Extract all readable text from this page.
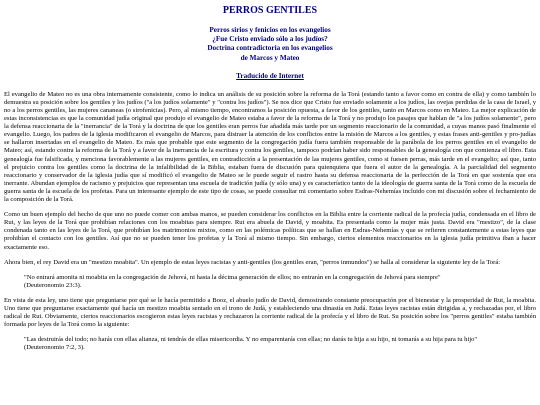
PERROS GENTILES
Perros sirios y fenicios en los evangelios
¿Fue Cristo enviado sólo a los judíos?
Doctrina contradictoria en los evangelios
de Marcos y Mateo
Traducido de Internet

El evangelio de Mateo no es una obra internamente consistente, como lo indica un análisis de su posición sobre la reforma de la Torá (estando tanto a favor como en contra de ella) y como también lo demuestra su posición sobre los gentiles y los judíos ("a los judíos solamente" y "contra los judíos"). Se nos dice que Cristo fue enviado solamente a los judíos, las ovejas perdidas de la casa de Israel, y no a los perros gentiles, las mujeres cananeas (o sirofenicias). Pero, al mismo tiempo, encontramos la posición opuesta, a favor de los gentiles, tanto en Marcos como en Mateo. La mejor explicación de estas inconsistencias es que la comunidad judía original que produjo el evangelio de Mateo estaba a favor de la reforma de la Torá y no produjo los pasajes que hablan de "a los judíos solamente", pero la defensa reaccionaria de la "inerrancia" de la Torá y la doctrina de que los gentiles eran perros fue añadida más tarde por un segmento reaccionario de la comunidad, a cuyas manos pasó finalmente el evangelio. Luego, los padres de la iglesia modificaron el evangelio de Marcos, para distraer la atención de los conflictos entre la misión de Marcos a los gentiles, y estas frases anti-gentiles y pro-judías se hallaron insertadas en el evangelio de Mateo. Es más que probable que este segmento de la congregación judía fuera también responsable de la parábola de los perros gentiles en el evangelio de Mateo; así, estando contra la reforma de la Torá y a favor de la inerrancia de la escritura y contra los gentiles, tampoco podrían haber sido responsables de la genealogía con que comienza el libro. Esta genealogía fue falsificada, y menciona favorablemente a las mujeres gentiles, en contradicción a la presentación de las mujeres gentiles, como si fuesen perras, más tarde en el evangelio; así que, tanto el prejuicio contra los gentiles como la doctrina de la infalibilidad de la Biblia, estaban fuera de discusión para quienquiera que fuera el autor de la genealogía. A la parcialidad del segmento reaccionario y conservador de la iglesia judía que sí modificó el evangelio de Mateo se le puede seguir el rastro hasta su defensa reaccionaria de la perfección de la Torá en que sostenía que era inerrante. Abundan ejemplos de racismo y prejuicios que representan una escuela de tradición judía (y sólo una) y es característico tanto de la ideología de guerra santa de la Torá como de la escuela de guerra santa de la escuela de los profetas. Para un interesante ejemplo de este tipo de cosas, se puede consultar mi comentario sobre Esdras-Nehemías incluido con mi discusión sobre el fechamiento de la composición de la Torá.

Como un buen ejemplo del hecho de que uno no puede comer con ambas manos, se pueden considerar los conflictos en la Biblia entre la corriente radical de la profecía judía, condensada en el libro de Rut, y las leyes de la Torá que prohibían relaciones con los moabitas para siempre. Rut era abuela de David, y moabita. Es presentada como la mujer más justa. David era "mestizo", de la clase condenada tanto en las leyes de la Torá, que prohibían los matrimonios mixtos, como en las polémicas políticas que se hallan en Esdras-Nehemías y que se refieren constantemente a estas leyes que prohibían el contacto con los gentiles. Así que no se pueden tener los profetas y la Torá al mismo tiempo. Sin embargo, ciertos elementos reaccionarios en la iglesia judía primitiva iban a hacer exactamente eso.

Ahora bien, el rey David era un "mestizo moabita". Un ejemplo de estas leyes racistas y anti-gentiles (los gentiles eran, "perros inmundos") se halla al considerar la siguiente ley de la Torá:

"No entrará amonita ni moabita en la congregación de Jehová, ni hasta la décima generación de ellos; no entrarán en la congregación de Jehová para siempre"
(Deuteronomio 23:3).

En vista de esta ley, uno tiene que preguntarse por qué se le hacía permitido a Booz, el abuelo judío de David, demostrando constante preocupación por el bienestar y la prosperidad de Rut, la moabita. Uno tiene que preguntarse exactamente qué hacía un mestizo moabita sentado en el trono de Judá, y estableciendo una dinastía en Judá. Estas leyes racistas están dirigidas a, y rechazadas por, el libro radical de Rut. Obviamente, ciertos reaccionarios escogieron estas leyes racistas y rechazaron la corriente radical de la profecía y el libro de Rut. Su posición sobre los "perros gentiles" estaba también formada por leyes de la Torá como la siguiente:

"Las destruirás del todo; no harás con ellas alianza, ni tendrás de ellas misericordia. Y no emparentarás con ellas; no darás tu hija a su hijo, ni tomarás a su hija para tu hijo"
(Deuteronomio 7:2, 3).
